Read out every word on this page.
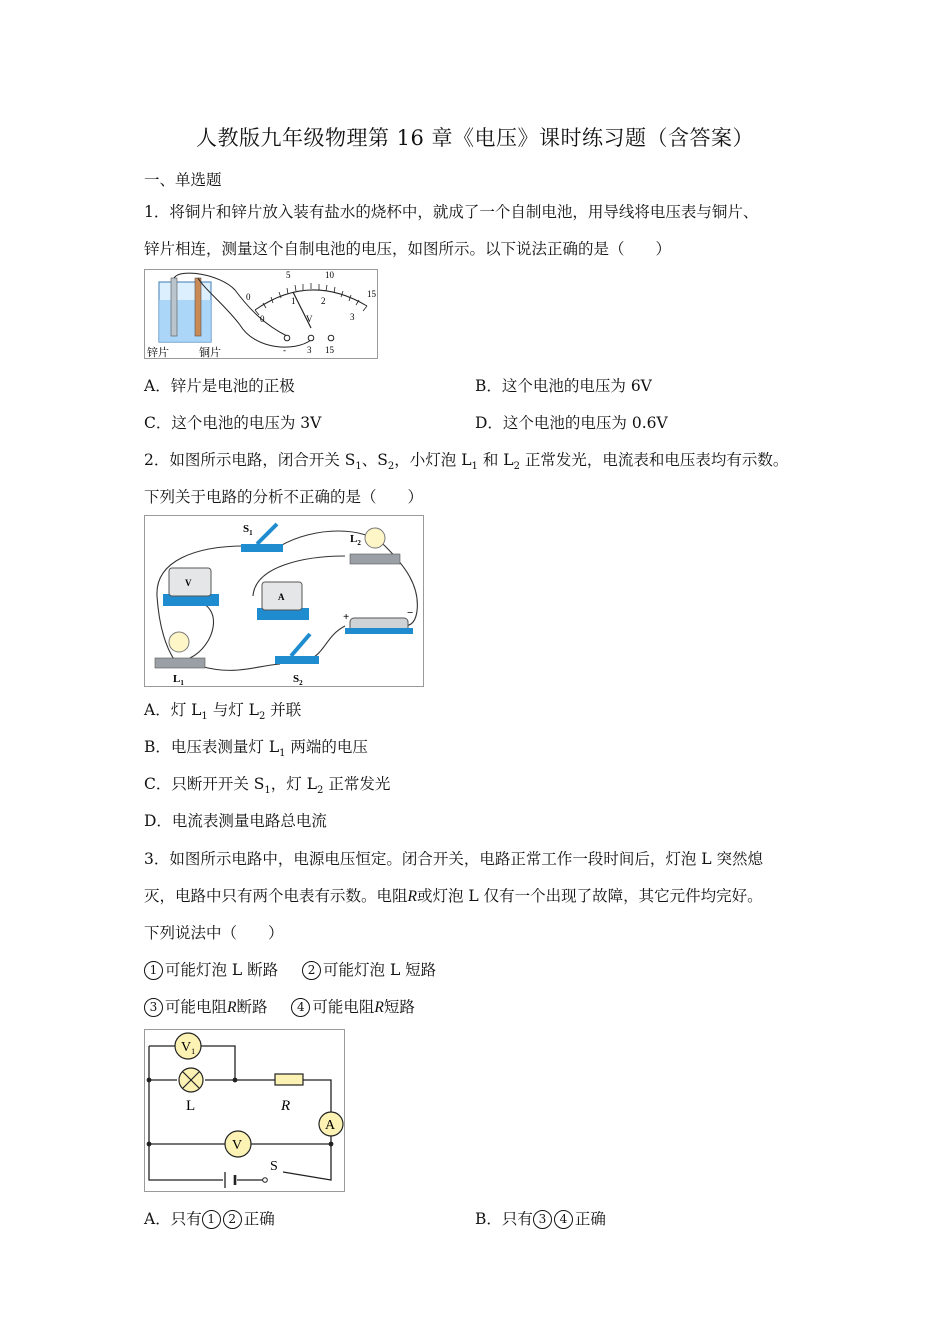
人教版九年级物理第 16 章《电压》课时练习题（含答案）
一、单选题
1．将铜片和锌片放入装有盐水的烧杯中，就成了一个自制电池，用导线将电压表与铜片、
锌片相连，测量这个自制电池的电压，如图所示。以下说法正确的是（　　）
0
5	10
15
0
1	2
3
V
- 3 15
锌片	铜片
A．锌片是电池的正极	B．这个电池的电压为 6V
C．这个电池的电压为 3V	D．这个电池的电压为 0.6V
2．如图所示电路，闭合开关 $S_1$、$S_2$，小灯泡 $L_1$ 和 $L_2$ 正常发光，电流表和电压表均有示数。
下列关于电路的分析不正确的是（　　）
$S_1$	$L_2$
V
A
+	−
$L_1$	$S_2$
A．灯 $L_1$ 与灯 $L_2$ 并联
B．电压表测量灯 $L_1$ 两端的电压
C．只断开开关 $S_1$，灯 $L_2$ 正常发光
D．电流表测量电路总电流
3．如图所示电路中，电源电压恒定。闭合开关，电路正常工作一段时间后，灯泡 L 突然熄
灭，电路中只有两个电表有示数。电阻R或灯泡 L 仅有一个出现了故障，其它元件均完好。
下列说法中（　　）
1 可能灯泡 L 断路 2 可能灯泡 L 短路
3 可能电阻R断路 4 可能电阻R短路
$V_1$
L	R
A
V
S
A．只有 1 2 正确	B．只有 3 4 正确
